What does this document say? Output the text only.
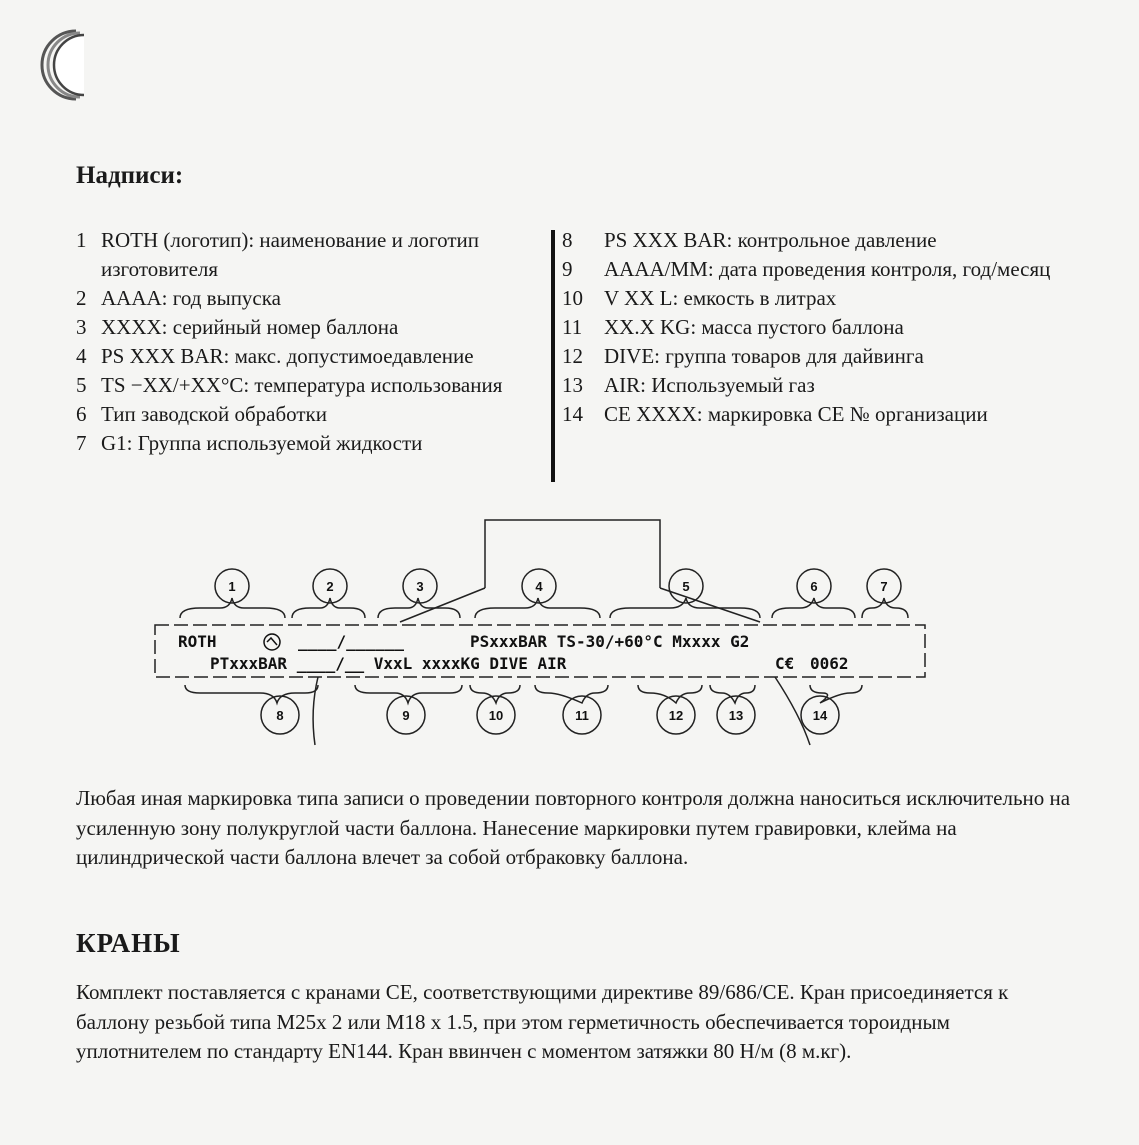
Надписи:
1 ROTH (логотип): наименование и логотип изготовителя
2 AAAA: год выпуска
3 XXXX: серийный номер баллона
4 PS XXX BAR: макс. допустимоедавление
5 TS −XX/+XX°C: температура использования
6 Тип заводской обработки
7 G1: Группа используемой жидкости
8	PS XXX BAR: контрольное давление
9	AAAA/MM: дата проведения контроля, год/месяц
10	V XX L: емкость в литрах
11	XX.X KG: масса пустого баллона
12	DIVE: группа товаров для дайвинга
13	AIR: Используемый газ
14	CE XXXX: маркировка CE № организации
1	2	3	4	5	6	7
8	9	10	11	12	13	14
ROTH	____/______	PSxxxBAR TS-30/+60°C Mxxxx G2
PTxxxBAR ____/__ VxxL xxxxKG DIVE AIR	C€ 0062

Любая иная маркировка типа записи о проведении повторного контроля должна наноситься исключительно на усиленную зону полукруглой части баллона. Нанесение маркировки путем гравировки, клейма на цилиндрической части баллона влечет за собой отбраковку баллона.

КРАНЫ

Комплект поставляется с кранами CE, соответствующими директиве 89/686/CE. Кран присоединяется к баллону резьбой типа М25х 2 или М18 х 1.5, при этом герметичность обеспечивается тороидным уплотнителем по стандарту EN144. Кран ввинчен с моментом затяжки 80 Н/м (8 м.кг).
